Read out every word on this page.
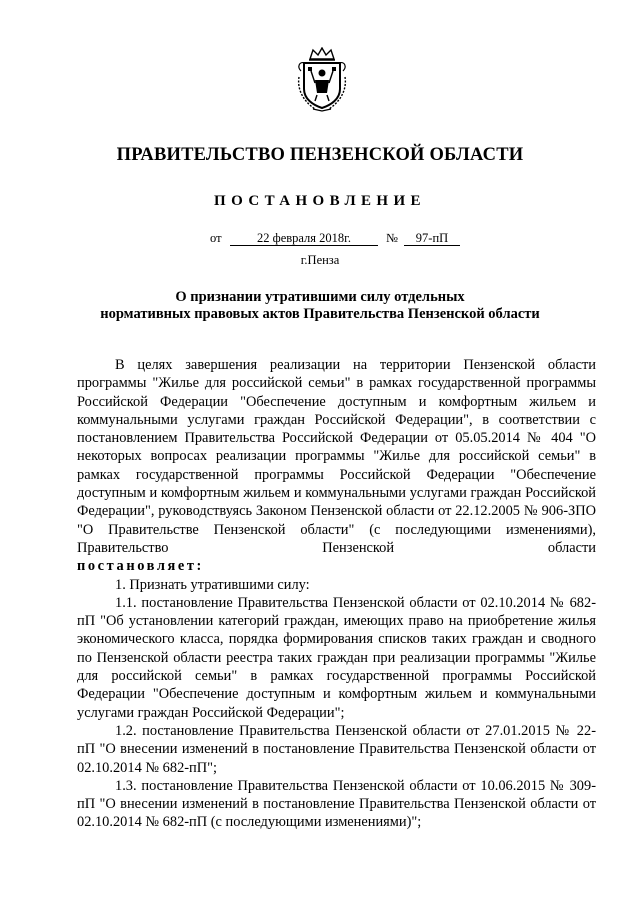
ПРАВИТЕЛЬСТВО ПЕНЗЕНСКОЙ ОБЛАСТИ
ПОСТАНОВЛЕНИЕ
от	22 февраля 2018г.	№	97-пП
г.Пенза
О признании утратившими силу отдельных
нормативных правовых актов Правительства Пензенской области

В целях завершения реализации на территории Пензенской области программы "Жилье для российской семьи" в рамках государственной программы Российской Федерации "Обеспечение доступным и комфортным жильем и коммунальными услугами граждан Российской Федерации", в соответствии с постановлением Правительства Российской Федерации от 05.05.2014 № 404 "О некоторых вопросах реализации программы "Жилье для российской семьи" в рамках государственной программы Российской Федерации "Обеспечение доступным и комфортным жильем и коммунальными услугами граждан Российской Федерации", руководствуясь Законом Пензенской области от 22.12.2005 № 906-ЗПО "О Правительстве Пензенской области" (с последующими изменениями), Правительство Пензенской области

постановляет:

1. Признать утратившими силу:

1.1. постановление Правительства Пензенской области от 02.10.2014 № 682-пП "Об установлении категорий граждан, имеющих право на приобретение жилья экономического класса, порядка формирования списков таких граждан и сводного по Пензенской области реестра таких граждан при реализации программы "Жилье для российской семьи" в рамках государственной программы Российской Федерации "Обеспечение доступным и комфортным жильем и коммунальными услугами граждан Российской Федерации";

1.2. постановление Правительства Пензенской области от 27.01.2015 № 22-пП "О внесении изменений в постановление Правительства Пензенской области от 02.10.2014 № 682-пП";

1.3. постановление Правительства Пензенской области от 10.06.2015 № 309-пП "О внесении изменений в постановление Правительства Пензенской области от 02.10.2014 № 682-пП (с последующими изменениями)";
